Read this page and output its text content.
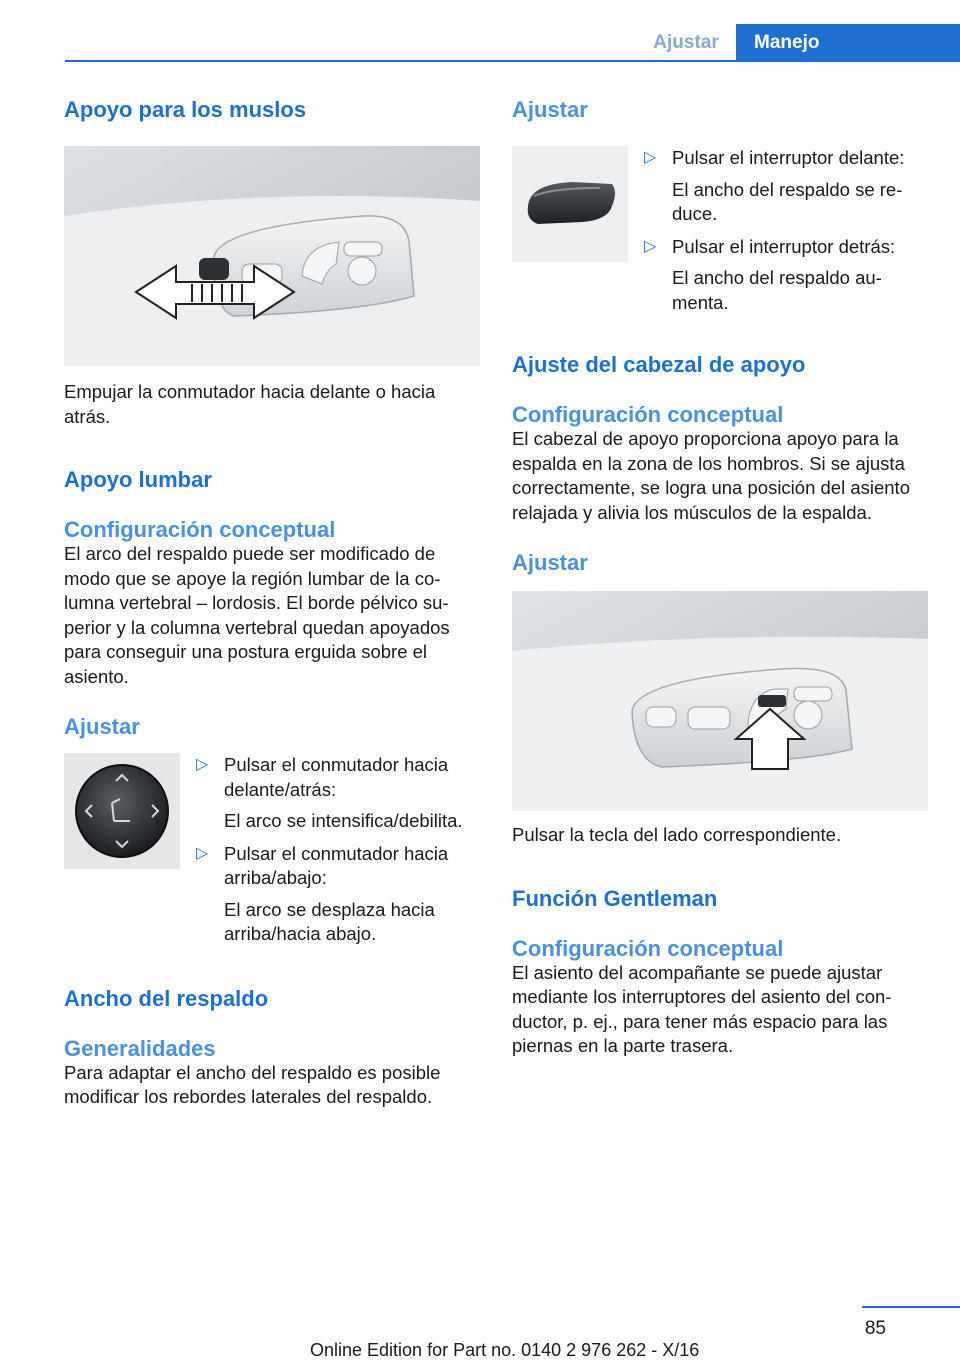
Ajustar	Manejo
Apoyo para los muslos

Empujar la conmutador hacia delante o hacia atrás.

Apoyo lumbar
Configuración conceptual

El arco del respaldo puede ser modificado de modo que se apoye la región lumbar de la columna vertebral – lordosis. El borde pélvico superior y la columna vertebral quedan apoyados para conseguir una postura erguida sobre el asiento.

Ajustar
▷ Pulsar el conmutador hacia delante/atrás:

El arco se intensifica/debilita.

▷ Pulsar el conmutador hacia arriba/abajo:

El arco se desplaza hacia arriba/hacia abajo.

Ancho del respaldo
Generalidades

Para adaptar el ancho del respaldo es posible modificar los rebordes laterales del respaldo.

Ajustar
▷ Pulsar el interruptor delante:

El ancho del respaldo se reduce.

▷ Pulsar el interruptor detrás:

El ancho del respaldo aumenta.

Ajuste del cabezal de apoyo
Configuración conceptual

El cabezal de apoyo proporciona apoyo para la espalda en la zona de los hombros. Si se ajusta correctamente, se logra una posición del asiento relajada y alivia los músculos de la espalda.

Ajustar

Pulsar la tecla del lado correspondiente.

Función Gentleman
Configuración conceptual

El asiento del acompañante se puede ajustar mediante los interruptores del asiento del conductor, p. ej., para tener más espacio para las piernas en la parte trasera.

85
Online Edition for Part no. 0140 2 976 262 - X/16
